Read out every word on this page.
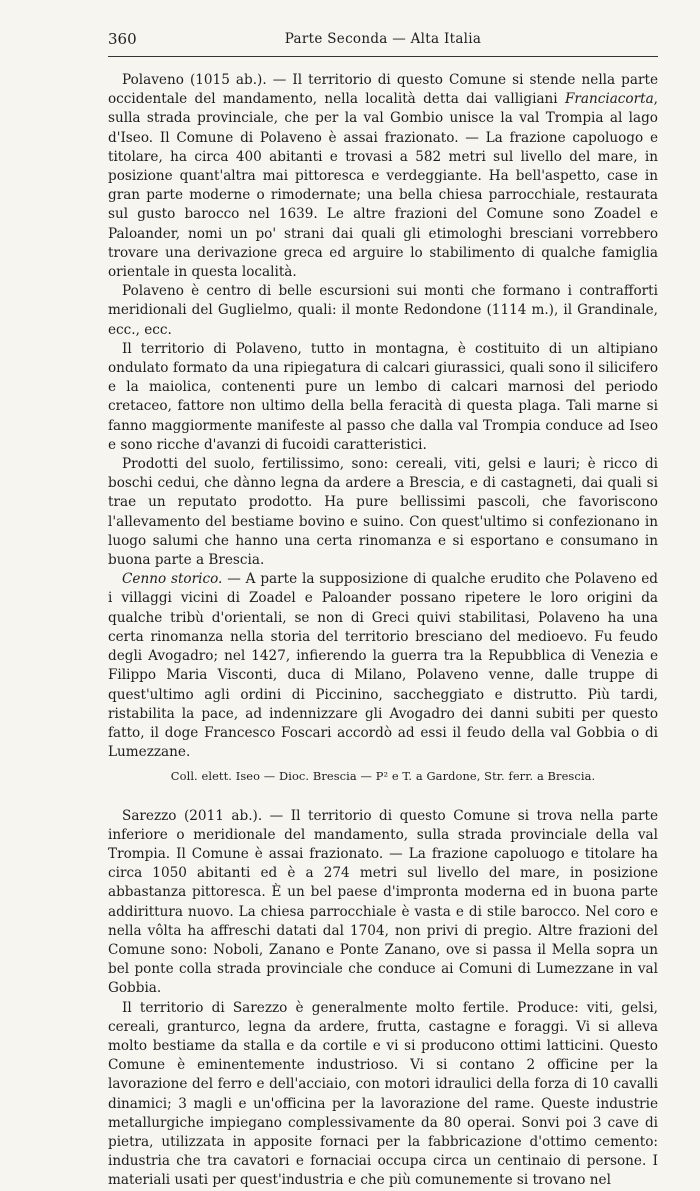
360	Parte Seconda — Alta Italia

Polaveno (1015 ab.). — Il territorio di questo Comune si stende nella parte occidentale del mandamento, nella località detta dai valligiani Franciacorta, sulla strada provinciale, che per la val Gombio unisce la val Trompia al lago d'Iseo. Il Comune di Polaveno è assai frazionato. — La frazione capoluogo e titolare, ha circa 400 abitanti e trovasi a 582 metri sul livello del mare, in posizione quant'altra mai pittoresca e verdeggiante. Ha bell'aspetto, case in gran parte moderne o rimodernate; una bella chiesa parrocchiale, restaurata sul gusto barocco nel 1639. Le altre frazioni del Comune sono Zoadel e Paloander, nomi un po' strani dai quali gli etimologhi bresciani vorrebbero trovare una derivazione greca ed arguire lo stabilimento di qualche famiglia orientale in questa località.

Polaveno è centro di belle escursioni sui monti che formano i contrafforti meridionali del Guglielmo, quali: il monte Redondone (1114 m.), il Grandinale, ecc., ecc.

Il territorio di Polaveno, tutto in montagna, è costituito di un altipiano ondulato formato da una ripiegatura di calcari giurassici, quali sono il silicifero e la maiolica, contenenti pure un lembo di calcari marnosi del periodo cretaceo, fattore non ultimo della bella feracità di questa plaga. Tali marne si fanno maggiormente manifeste al passo che dalla val Trompia conduce ad Iseo e sono ricche d'avanzi di fucoidi caratteristici.

Prodotti del suolo, fertilissimo, sono: cereali, viti, gelsi e lauri; è ricco di boschi cedui, che dànno legna da ardere a Brescia, e di castagneti, dai quali si trae un reputato prodotto. Ha pure bellissimi pascoli, che favoriscono l'allevamento del bestiame bovino e suino. Con quest'ultimo si confezionano in luogo salumi che hanno una certa rinomanza e si esportano e consumano in buona parte a Brescia.

Cenno storico. — A parte la supposizione di qualche erudito che Polaveno ed i villaggi vicini di Zoadel e Paloander possano ripetere le loro origini da qualche tribù d'orientali, se non di Greci quivi stabilitasi, Polaveno ha una certa rinomanza nella storia del territorio bresciano del medioevo. Fu feudo degli Avogadro; nel 1427, infierendo la guerra tra la Repubblica di Venezia e Filippo Maria Visconti, duca di Milano, Polaveno venne, dalle truppe di quest'ultimo agli ordini di Piccinino, saccheggiato e distrutto. Più tardi, ristabilita la pace, ad indennizzare gli Avogadro dei danni subiti per questo fatto, il doge Francesco Foscari accordò ad essi il feudo della val Gobbia o di Lumezzane.

Coll. elett. Iseo — Dioc. Brescia — P² e T. a Gardone, Str. ferr. a Brescia.

Sarezzo (2011 ab.). — Il territorio di questo Comune si trova nella parte inferiore o meridionale del mandamento, sulla strada provinciale della val Trompia. Il Comune è assai frazionato. — La frazione capoluogo e titolare ha circa 1050 abitanti ed è a 274 metri sul livello del mare, in posizione abbastanza pittoresca. È un bel paese d'impronta moderna ed in buona parte addirittura nuovo. La chiesa parrocchiale è vasta e di stile barocco. Nel coro e nella vôlta ha affreschi datati dal 1704, non privi di pregio. Altre frazioni del Comune sono: Noboli, Zanano e Ponte Zanano, ove si passa il Mella sopra un bel ponte colla strada provinciale che conduce ai Comuni di Lumezzane in val Gobbia.

Il territorio di Sarezzo è generalmente molto fertile. Produce: viti, gelsi, cereali, granturco, legna da ardere, frutta, castagne e foraggi. Vi si alleva molto bestiame da stalla e da cortile e vi si producono ottimi latticini. Questo Comune è eminentemente industrioso. Vi si contano 2 officine per la lavorazione del ferro e dell'acciaio, con motori idraulici della forza di 10 cavalli dinamici; 3 magli e un'officina per la lavorazione del rame. Queste industrie metallurgiche impiegano complessivamente da 80 operai. Sonvi poi 3 cave di pietra, utilizzata in apposite fornaci per la fabbricazione d'ottimo cemento: industria che tra cavatori e fornaciai occupa circa un centinaio di persone. I materiali usati per quest'industria e che più comunemente si trovano nel
